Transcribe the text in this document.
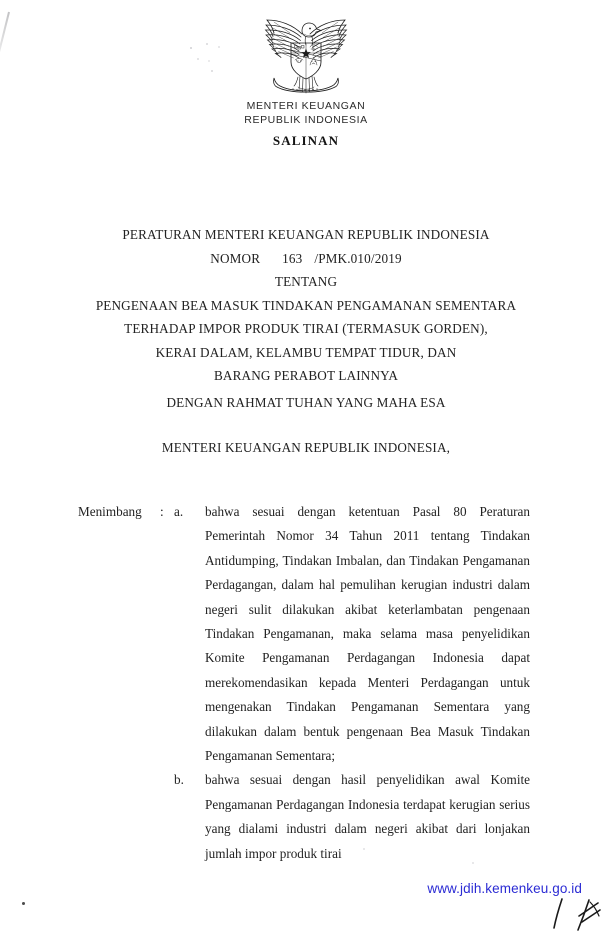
MENTERI KEUANGAN
REPUBLIK INDONESIA
SALINAN
PERATURAN MENTERI KEUANGAN REPUBLIK INDONESIA
NOMOR 163 /PMK.010/2019
TENTANG
PENGENAAN BEA MASUK TINDAKAN PENGAMANAN SEMENTARA
TERHADAP IMPOR PRODUK TIRAI (TERMASUK GORDEN),
KERAI DALAM, KELAMBU TEMPAT TIDUR, DAN
BARANG PERABOT LAINNYA
DENGAN RAHMAT TUHAN YANG MAHA ESA
MENTERI KEUANGAN REPUBLIK INDONESIA,
Menimbang	: a.	bahwa sesuai dengan ketentuan Pasal 80 Peraturan Pemerintah Nomor 34 Tahun 2011 tentang Tindakan Antidumping, Tindakan Imbalan, dan Tindakan Pengamanan Perdagangan, dalam hal pemulihan kerugian industri dalam negeri sulit dilakukan akibat keterlambatan pengenaan Tindakan Pengamanan, maka selama masa penyelidikan Komite Pengamanan Perdagangan Indonesia dapat merekomendasikan kepada Menteri Perdagangan untuk mengenakan Tindakan Pengamanan Sementara yang dilakukan dalam bentuk pengenaan Bea Masuk Tindakan Pengamanan Sementara;
b.	bahwa sesuai dengan hasil penyelidikan awal Komite Pengamanan Perdagangan Indonesia terdapat kerugian serius yang dialami industri dalam negeri akibat dari lonjakan jumlah impor produk tirai
www.jdih.kemenkeu.go.id
